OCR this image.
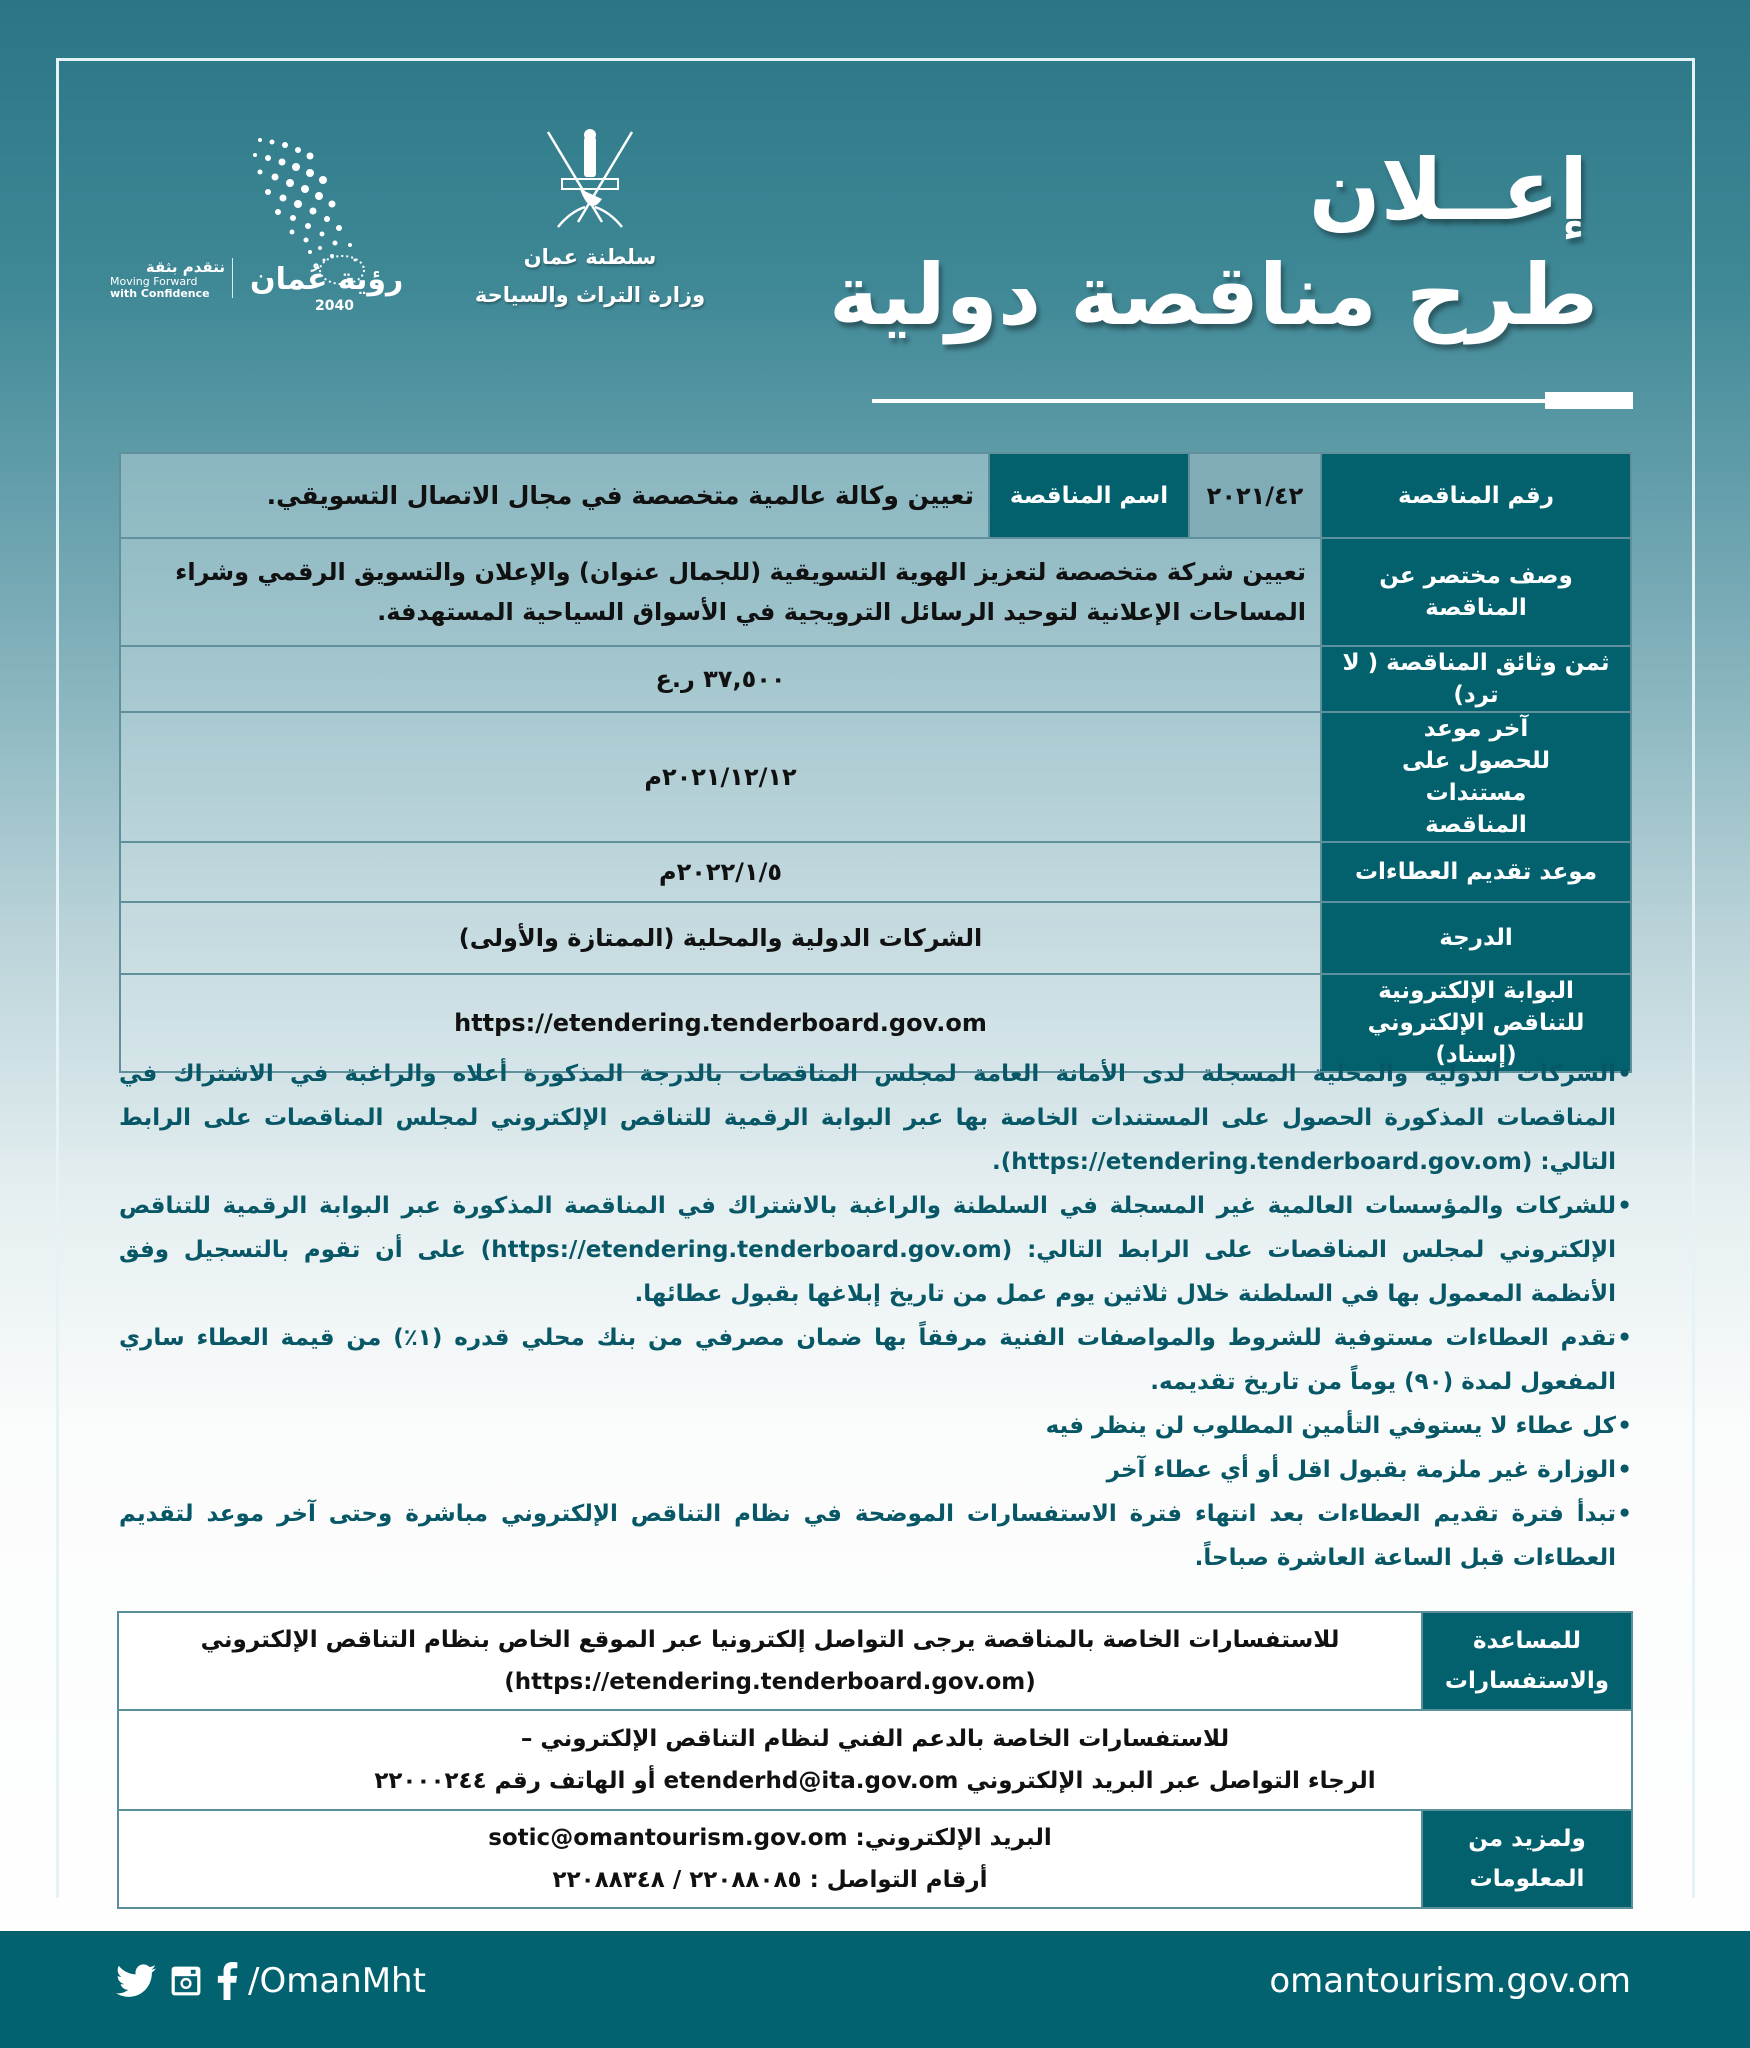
نتقدم بثقة
Moving Forward
with Confidence	رؤية عُمان
2040
سلطنة عمان
وزارة التراث والسياحة
إعــلان
طرح مناقصة دولية
رقم المناقصة	٢٠٢١/٤٢	اسم المناقصة	تعيين وكالة عالمية متخصصة في مجال الاتصال التسويقي.
وصف مختصر عن المناقصة	تعيين شركة متخصصة لتعزيز الهوية التسويقية (للجمال عنوان) والإعلان والتسويق الرقمي وشراء المساحات الإعلانية لتوحيد الرسائل الترويجية في الأسواق السياحية المستهدفة.		
ثمن وثائق المناقصة ( لا ترد)	٣٧,٥٠٠ ر.ع		
آخر موعد للحصول على مستندات المناقصة	٢٠٢١/١٢/١٢م		
موعد تقديم العطاءات	٢٠٢٢/١/٥م		
الدرجة	الشركات الدولية والمحلية (الممتازة والأولى)		
البوابة الإلكترونية للتناقص الإلكتروني (إسناد)	https://etendering.tenderboard.gov.om		
• الشركات الدولية والمحلية المسجلة لدى الأمانة العامة لمجلس المناقصات بالدرجة المذكورة أعلاه والراغبة في الاشتراك في المناقصات المذكورة الحصول على المستندات الخاصة بها عبر البوابة الرقمية للتناقص الإلكتروني لمجلس المناقصات على الرابط التالي: (https://etendering.tenderboard.gov.om).
• للشركات والمؤسسات العالمية غير المسجلة في السلطنة والراغبة بالاشتراك في المناقصة المذكورة عبر البوابة الرقمية للتناقص الإلكتروني لمجلس المناقصات على الرابط التالي: (https://etendering.tenderboard.gov.om) على أن تقوم بالتسجيل وفق الأنظمة المعمول بها في السلطنة خلال ثلاثين يوم عمل من تاريخ إبلاغها بقبول عطائها.
• تقدم العطاءات مستوفية للشروط والمواصفات الفنية مرفقاً بها ضمان مصرفي من بنك محلي قدره (١٪) من قيمة العطاء ساري المفعول لمدة (٩٠) يوماً من تاريخ تقديمه.
• كل عطاء لا يستوفي التأمين المطلوب لن ينظر فيه
• الوزارة غير ملزمة بقبول اقل أو أي عطاء آخر
• تبدأ فترة تقديم العطاءات بعد انتهاء فترة الاستفسارات الموضحة في نظام التناقص الإلكتروني مباشرة وحتى آخر موعد لتقديم العطاءات قبل الساعة العاشرة صباحاً.
للمساعدة والاستفسارات	للاستفسارات الخاصة بالمناقصة يرجى التواصل إلكترونيا عبر الموقع الخاص بنظام التناقص الإلكتروني
(https://etendering.tenderboard.gov.om)

للاستفسارات الخاصة بالدعم الفني لنظام التناقص الإلكتروني –
الرجاء التواصل عبر البريد الإلكتروني etenderhd@ita.gov.om أو الهاتف رقم ٢٢٠٠٠٢٤٤	

ولمزيد من المعلومات	البريد الإلكتروني: sotic@omantourism.gov.om
أرقام التواصل : ٢٢٠٨٨٠٨٥ / ٢٢٠٨٨٣٤٨
/OmanMht	omantourism.gov.om
